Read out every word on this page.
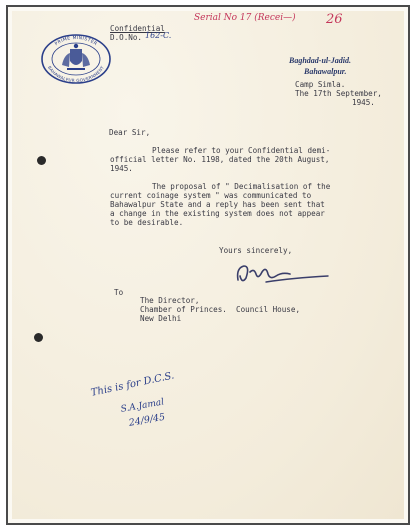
Confidential

D.O.No. 162-C.

Serial No 17 (Recei—) 26

PRIME MINISTER
BAHAWALPUR GOVERNMENT

Baghdad-ul-Jadid.

Bahawalpur.

Camp Simla.

The 17th September,

1945.

Dear Sir,

Please refer to your Confidential demi-

official letter No. 1198, dated the 20th August,

1945.

The proposal of " Decimalisation of the

current coinage system " was communicated to

Bahawalpur State and a reply has been sent that

a change in the existing system does not appear

to be desirable.

Yours sincerely,

To

The Director,

Chamber of Princes.  Council House,

New Delhi

This is for D.C.S.

S.A.Jamal

24/9/45
